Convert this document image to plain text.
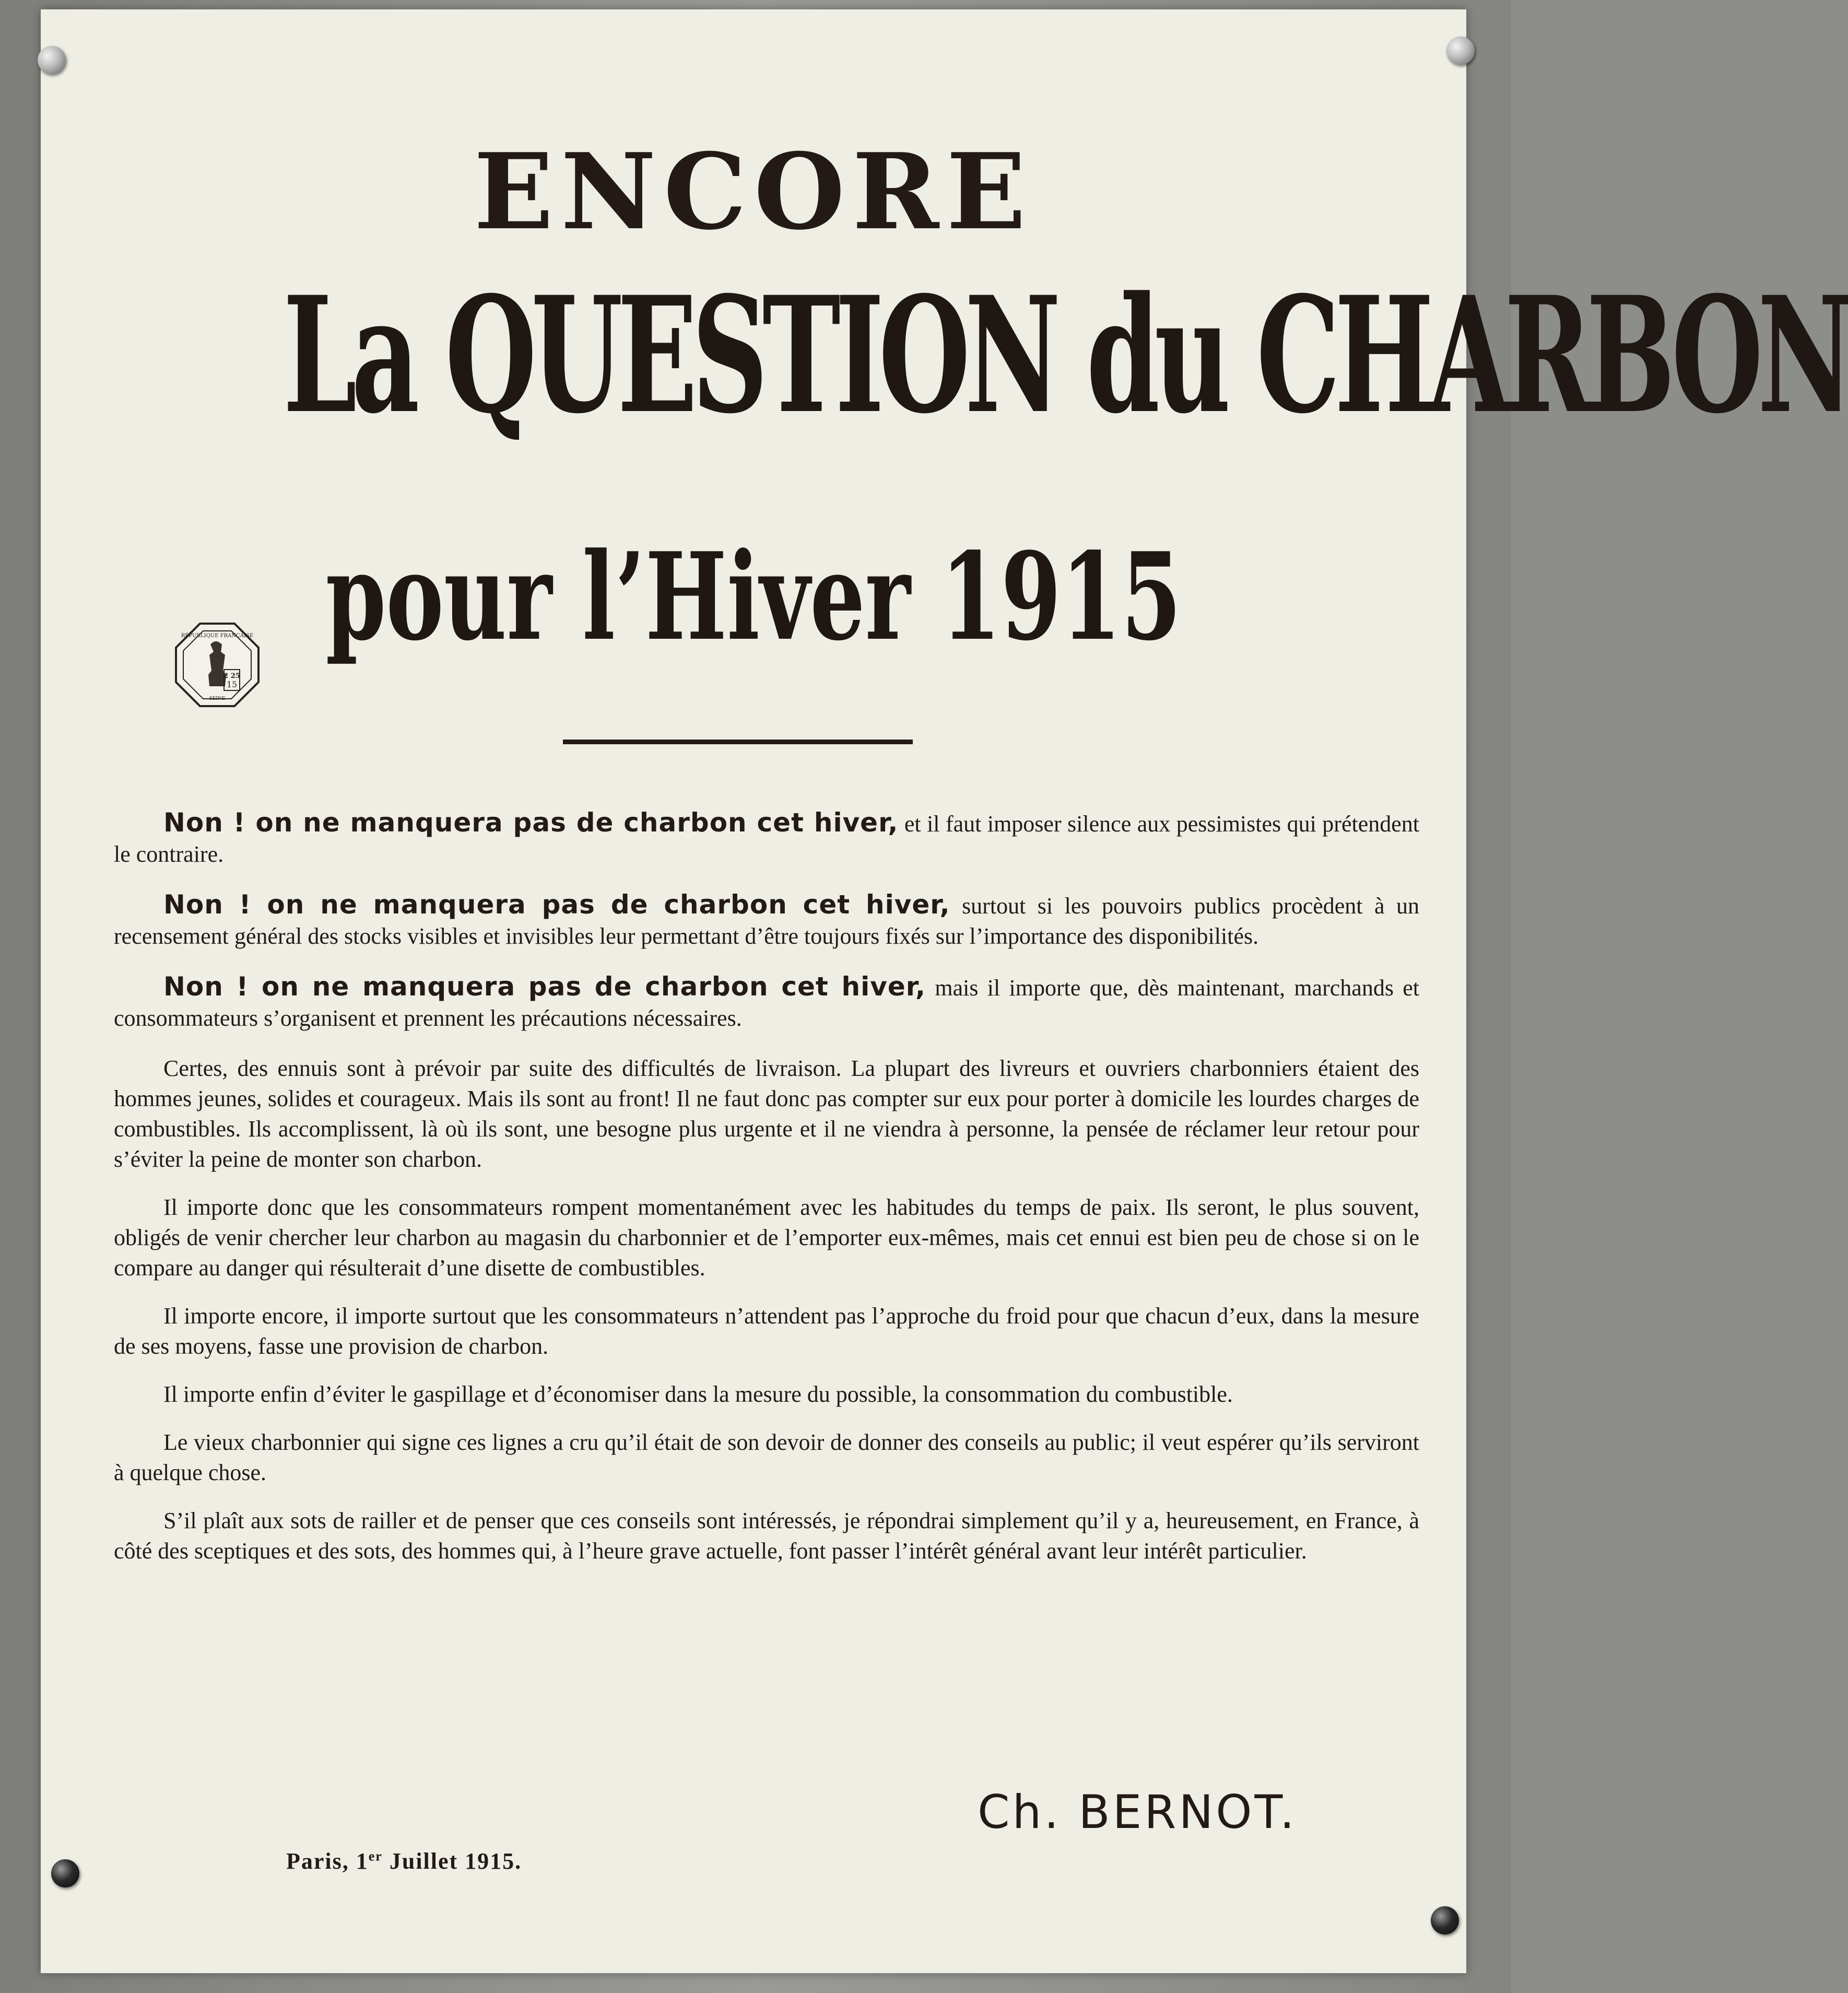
ENCORE
La QUESTION du CHARBON
pour l’Hiver 1915
RÉPUBLIQUE FRANÇAISE
2 25
15
SEINE

Non ! on ne manquera pas de charbon cet hiver, et il faut imposer silence aux pessimistes qui prétendent le contraire.

Non ! on ne manquera pas de charbon cet hiver, surtout si les pouvoirs publics procèdent à un recensement général des stocks visibles et invisibles leur permettant d’être toujours fixés sur l’importance des disponibilités.

Non ! on ne manquera pas de charbon cet hiver, mais il importe que, dès maintenant, marchands et consommateurs s’organisent et prennent les précautions nécessaires.

Certes, des ennuis sont à prévoir par suite des difficultés de livraison. La plupart des livreurs et ouvriers charbonniers étaient des hommes jeunes, solides et courageux. Mais ils sont au front! Il ne faut donc pas compter sur eux pour porter à domicile les lourdes charges de combustibles. Ils accomplissent, là où ils sont, une besogne plus urgente et il ne viendra à personne, la pensée de réclamer leur retour pour s’éviter la peine de monter son charbon.

Il importe donc que les consommateurs rompent momentanément avec les habitudes du temps de paix. Ils seront, le plus souvent, obligés de venir chercher leur charbon au magasin du charbonnier et de l’emporter eux-mêmes, mais cet ennui est bien peu de chose si on le compare au danger qui résulterait d’une disette de combustibles.

Il importe encore, il importe surtout que les consommateurs n’attendent pas l’approche du froid pour que chacun d’eux, dans la mesure de ses moyens, fasse une provision de charbon.

Il importe enfin d’éviter le gaspillage et d’économiser dans la mesure du possible, la consommation du combustible.

Le vieux charbonnier qui signe ces lignes a cru qu’il était de son devoir de donner des conseils au public; il veut espérer qu’ils serviront à quelque chose.

S’il plaît aux sots de railler et de penser que ces conseils sont intéressés, je répondrai simplement qu’il y a, heureusement, en France, à côté des sceptiques et des sots, des hommes qui, à l’heure grave actuelle, font passer l’intérêt général avant leur intérêt particulier.

Ch. BERNOT.
Paris, 1er Juillet 1915.
